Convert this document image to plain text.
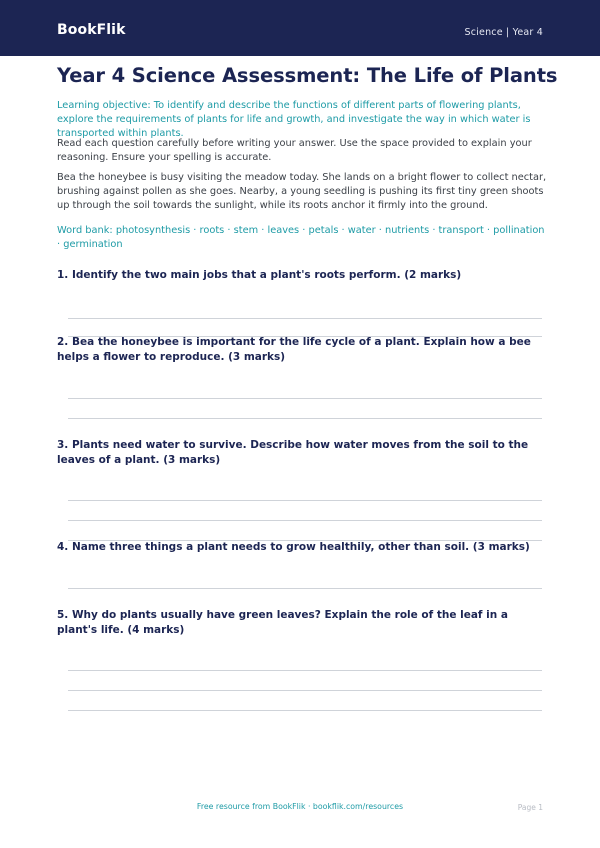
BookFlik	Science | Year 4
Year 4 Science Assessment: The Life of Plants
Learning objective: To identify and describe the functions of different parts of flowering plants, explore the requirements of plants for life and growth, and investigate the way in which water is transported within plants.
Read each question carefully before writing your answer. Use the space provided to explain your reasoning. Ensure your spelling is accurate.
Bea the honeybee is busy visiting the meadow today. She lands on a bright flower to collect nectar, brushing against pollen as she goes. Nearby, a young seedling is pushing its first tiny green shoots up through the soil towards the sunlight, while its roots anchor it firmly into the ground.
Word bank: photosynthesis · roots · stem · leaves · petals · water · nutrients · transport · pollination · germination
1. Identify the two main jobs that a plant's roots perform. (2 marks)
2. Bea the honeybee is important for the life cycle of a plant. Explain how a bee helps a flower to reproduce. (3 marks)
3. Plants need water to survive. Describe how water moves from the soil to the leaves of a plant. (3 marks)
4. Name three things a plant needs to grow healthily, other than soil. (3 marks)
5. Why do plants usually have green leaves? Explain the role of the leaf in a plant's life. (4 marks)
Free resource from BookFlik · bookflik.com/resources	Page 1
